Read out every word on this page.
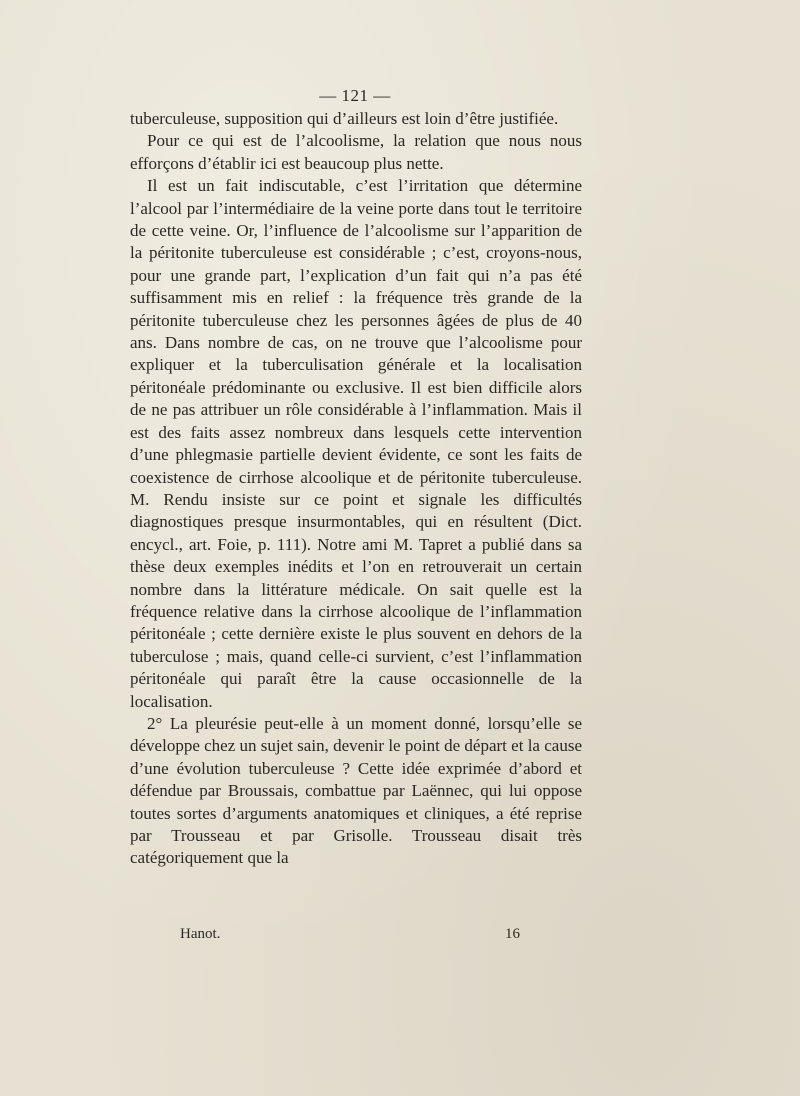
— 121 —

tuberculeuse, supposition qui d’ailleurs est loin d’être justifiée.

Pour ce qui est de l’alcoolisme, la relation que nous nous efforçons d’établir ici est beaucoup plus nette.

Il est un fait indiscutable, c’est l’irritation que détermine l’alcool par l’intermédiaire de la veine porte dans tout le territoire de cette veine. Or, l’influence de l’alcoolisme sur l’apparition de la péritonite tuberculeuse est considérable ; c’est, croyons-nous, pour une grande part, l’explication d’un fait qui n’a pas été suffisamment mis en relief : la fréquence très grande de la péritonite tuberculeuse chez les personnes âgées de plus de 40 ans. Dans nombre de cas, on ne trouve que l’alcoolisme pour expliquer et la tuberculisation générale et la localisation péritonéale prédominante ou exclusive. Il est bien difficile alors de ne pas attribuer un rôle considérable à l’inflammation. Mais il est des faits assez nombreux dans lesquels cette intervention d’une phlegmasie partielle devient évidente, ce sont les faits de coexistence de cirrhose alcoolique et de péritonite tuberculeuse. M. Rendu insiste sur ce point et signale les difficultés diagnostiques presque insurmontables, qui en résultent (Dict. encycl., art. Foie, p. 111). Notre ami M. Tapret a publié dans sa thèse deux exemples inédits et l’on en retrouverait un certain nombre dans la littérature médicale. On sait quelle est la fréquence relative dans la cirrhose alcoolique de l’inflammation péritonéale ; cette dernière existe le plus souvent en dehors de la tuberculose ; mais, quand celle-ci survient, c’est l’inflammation péritonéale qui paraît être la cause occasionnelle de la localisation.

2° La pleurésie peut-elle à un moment donné, lorsqu’elle se développe chez un sujet sain, devenir le point de départ et la cause d’une évolution tuberculeuse ? Cette idée exprimée d’abord et défendue par Broussais, combattue par Laënnec, qui lui oppose toutes sortes d’arguments anatomiques et cliniques, a été reprise par Trousseau et par Grisolle. Trousseau disait très catégoriquement que la

Hanot.	16
